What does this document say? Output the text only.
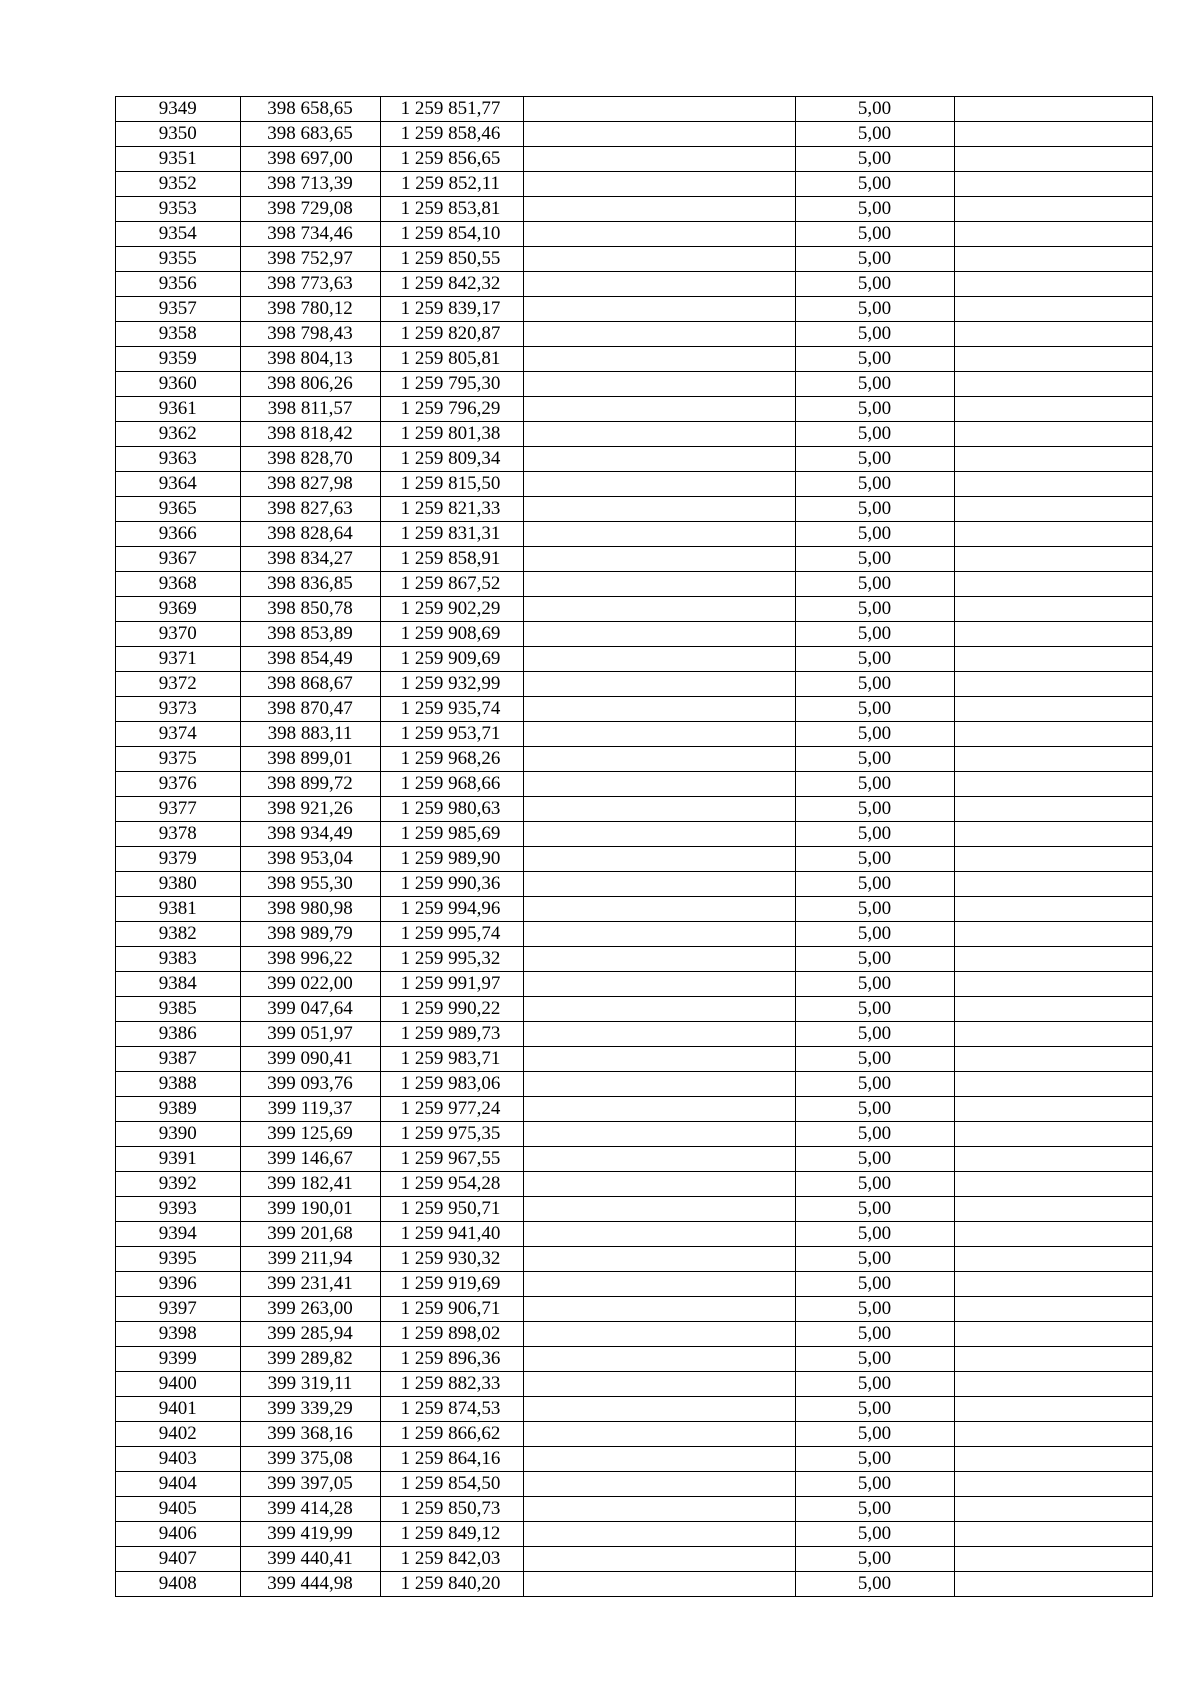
9349	398 658,65	1 259 851,77		5,00	
9350	398 683,65	1 259 858,46		5,00	
9351	398 697,00	1 259 856,65		5,00	
9352	398 713,39	1 259 852,11		5,00	
9353	398 729,08	1 259 853,81		5,00	
9354	398 734,46	1 259 854,10		5,00	
9355	398 752,97	1 259 850,55		5,00	
9356	398 773,63	1 259 842,32		5,00	
9357	398 780,12	1 259 839,17		5,00	
9358	398 798,43	1 259 820,87		5,00	
9359	398 804,13	1 259 805,81		5,00	
9360	398 806,26	1 259 795,30		5,00	
9361	398 811,57	1 259 796,29		5,00	
9362	398 818,42	1 259 801,38		5,00	
9363	398 828,70	1 259 809,34		5,00	
9364	398 827,98	1 259 815,50		5,00	
9365	398 827,63	1 259 821,33		5,00	
9366	398 828,64	1 259 831,31		5,00	
9367	398 834,27	1 259 858,91		5,00	
9368	398 836,85	1 259 867,52		5,00	
9369	398 850,78	1 259 902,29		5,00	
9370	398 853,89	1 259 908,69		5,00	
9371	398 854,49	1 259 909,69		5,00	
9372	398 868,67	1 259 932,99		5,00	
9373	398 870,47	1 259 935,74		5,00	
9374	398 883,11	1 259 953,71		5,00	
9375	398 899,01	1 259 968,26		5,00	
9376	398 899,72	1 259 968,66		5,00	
9377	398 921,26	1 259 980,63		5,00	
9378	398 934,49	1 259 985,69		5,00	
9379	398 953,04	1 259 989,90		5,00	
9380	398 955,30	1 259 990,36		5,00	
9381	398 980,98	1 259 994,96		5,00	
9382	398 989,79	1 259 995,74		5,00	
9383	398 996,22	1 259 995,32		5,00	
9384	399 022,00	1 259 991,97		5,00	
9385	399 047,64	1 259 990,22		5,00	
9386	399 051,97	1 259 989,73		5,00	
9387	399 090,41	1 259 983,71		5,00	
9388	399 093,76	1 259 983,06		5,00	
9389	399 119,37	1 259 977,24		5,00	
9390	399 125,69	1 259 975,35		5,00	
9391	399 146,67	1 259 967,55		5,00	
9392	399 182,41	1 259 954,28		5,00	
9393	399 190,01	1 259 950,71		5,00	
9394	399 201,68	1 259 941,40		5,00	
9395	399 211,94	1 259 930,32		5,00	
9396	399 231,41	1 259 919,69		5,00	
9397	399 263,00	1 259 906,71		5,00	
9398	399 285,94	1 259 898,02		5,00	
9399	399 289,82	1 259 896,36		5,00	
9400	399 319,11	1 259 882,33		5,00	
9401	399 339,29	1 259 874,53		5,00	
9402	399 368,16	1 259 866,62		5,00	
9403	399 375,08	1 259 864,16		5,00	
9404	399 397,05	1 259 854,50		5,00	
9405	399 414,28	1 259 850,73		5,00	
9406	399 419,99	1 259 849,12		5,00	
9407	399 440,41	1 259 842,03		5,00	
9408	399 444,98	1 259 840,20		5,00	
